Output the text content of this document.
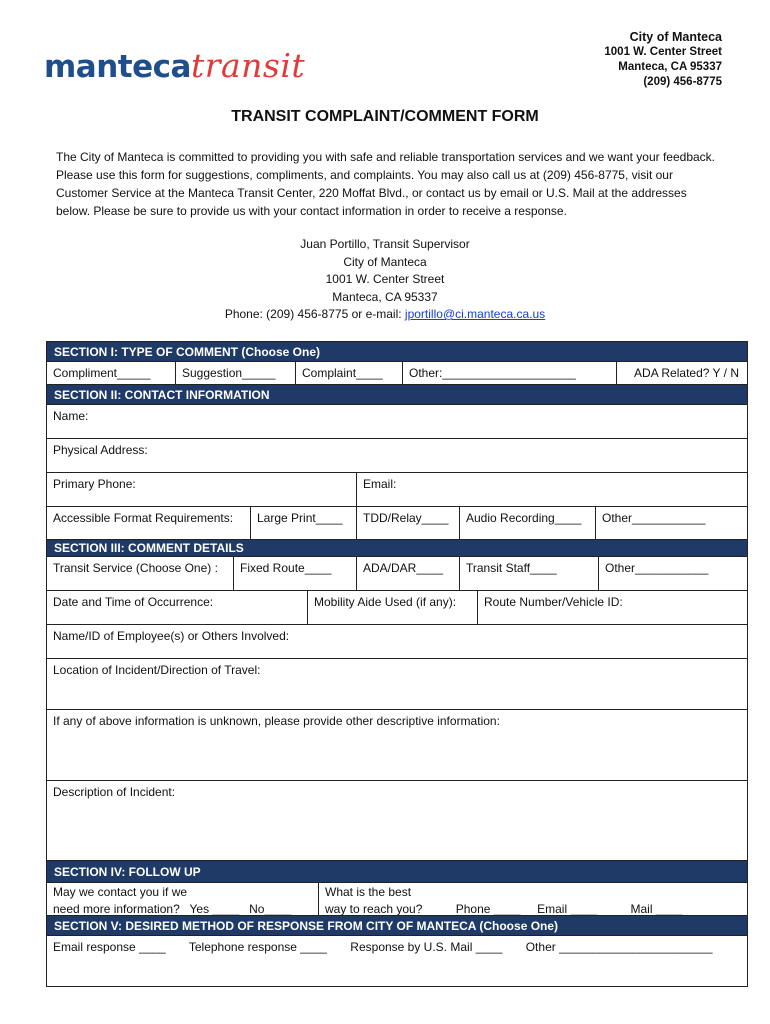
mantecatransit
City of Manteca
1001 W. Center Street
Manteca, CA 95337
(209) 456-8775
TRANSIT COMPLAINT/COMMENT FORM
The City of Manteca is committed to providing you with safe and reliable transportation services and we want your feedback. Please use this form for suggestions, compliments, and complaints. You may also call us at (209) 456-8775, visit our Customer Service at the Manteca Transit Center, 220 Moffat Blvd., or contact us by email or U.S. Mail at the addresses below. Please be sure to provide us with your contact information in order to receive a response.
Juan Portillo, Transit Supervisor
City of Manteca
1001 W. Center Street
Manteca, CA 95337
Phone: (209) 456-8775 or e-mail: jportillo@ci.manteca.ca.us
SECTION I: TYPE OF COMMENT (Choose One)
Compliment_____	Suggestion_____	Complaint____	Other:____________________	ADA Related? Y / N
SECTION II: CONTACT INFORMATION
Name:
Physical Address:
Primary Phone:	Email:
Accessible Format Requirements:	Large Print____	TDD/Relay____	Audio Recording____	Other___________
SECTION III: COMMENT DETAILS
Transit Service (Choose One) :	Fixed Route____	ADA/DAR____	Transit Staff____	Other___________
Date and Time of Occurrence:	Mobility Aide Used (if any):	Route Number/Vehicle ID:
Name/ID of Employee(s) or Others Involved:
Location of Incident/Direction of Travel:
If any of above information is unknown, please provide other descriptive information:
Description of Incident:
SECTION IV: FOLLOW UP
May we contact you if we
need more information?   Yes ____   No____
What is the best
way to reach you?          Phone ____     Email ____          Mail ____
SECTION V: DESIRED METHOD OF RESPONSE FROM CITY OF MANTECA (Choose One)
Email response ____       Telephone response ____       Response by U.S. Mail ____       Other _______________________
